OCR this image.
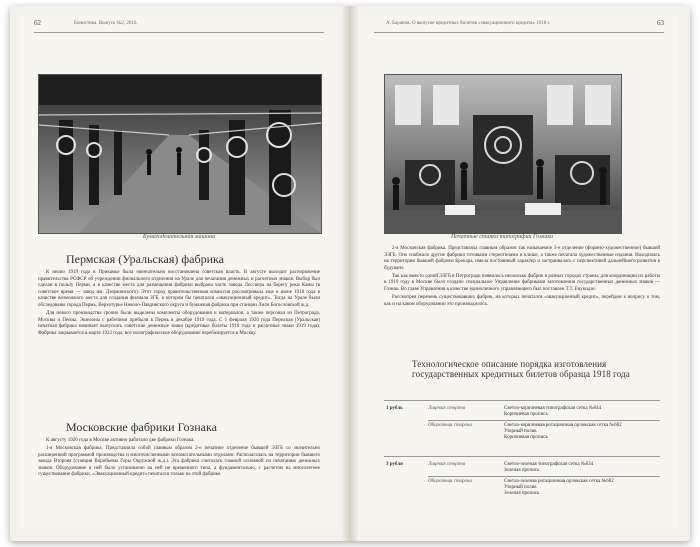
62	Бонистика. Выпуск №2, 2016.
Бумагоделательная машина
Пермская (Уральская) фабрика

К июлю 1919 года в Прикамье была окончательно восстановлена советская власть. В августе выходит распоряжение правительства РСФСР об учреждении филиального отделения на Урале для печатания денежных и расчетных знаков. Выбор был сделан в пользу Перми, а в качестве места для размещения фабрики выбрана часть завода Лессиера на берегу реки Камы (в советское время — завод им. Дзержинского). Этот город правительственная комиссия рассматривала еще в июне 1918 года в качестве возможного места для создания филиала ЗГБ, в котором бы печатался «эвакуационный кредит». Тогда на Урале были обследованы города Пермь, Верхотурье Николо-Павдинского округа и бумажная фабрика при станции Лили Богословской ж.д.

Для нового производства срочно были выделены комплекты оборудования и материалов, а также персонал из Петрограда, Москвы и Пензы. Эшелоны с рабочими прибыли в Пермь в декабре 1919 года. С 1 февраля 1920 года Пермская (Уральская) печатная фабрика начинает выпускать советские денежные знаки (кредитные билеты 1918 года и расчетные знаки 1919 года). Фабрика закрывается в марте 1922 года, все полиграфическое оборудование перебазируется в Москву.

Московские фабрики Гознака

К августу 1920 года в Москве активно работало две фабрики Гознака.

1-я Московская фабрика. Представляла собой главным образом 2-е печатное отделение бывшей ЭЗГБ со значительно расширенной программой производства и многочисленными вспомогательными отделами. Располагалась на территории бывшего завода Второва (станция Воробьевы Горы Окружной ж.д.). Эта фабрика считалась главной основной по печатанию денежных знаков. Оборудование в ней было установлено на ней не временного типа, а фундаментально, с расчетом на многолетнее существование фабрики. «Эвакуационный кредит» печатался только на этой фабрике.

А. Баранов. О выпуске кредитных билетов «эвакуационного кредита» 1918 г.	63
Печатные станки типографии Гознака

2-я Московская фабрика. Представляла главным образом так называемое 3-е отделение (формно-художественное) бывшей ЭЗГБ. Оно снабжало другие фабрики готовыми стереотипами и клише, а также печатала художественные издания. Находилась на территории бывшей фабрики Брокара, имела постоянный характер и застраивалась с перспективой дальнейшего развития в будущем.

Так как вместо одной ЭЗГБ в Петрограде появилось несколько фабрик в разных городах страны, для координации их работы в 1919 году в Москве было создано специальное Управление фабриками заготовления государственных денежных знаков — Гознак. Во главе Управления в качестве единоличного управляющего был поставлен Т.Т. Енукидзе.

Рассмотрев перечень существовавших фабрик, на которых печатался «эвакуационный кредит», перейдем к вопросу о том, как и на каком оборудовании это производилось.

Технологическое описание порядка изготовления государственных кредитных билетов образца 1918 года
1 рубль	Лицевая сторона	Светло-коричневая типографская сетка №644
Коричневая пропись
Оборотная сторона	Светло-коричневая ротационная орловская сетка №682
Узорный полик
Коричневая пропись
3 рубля	Лицевая сторона	Светло-зеленая типографская сетка №634
Зеленая пропись
Оборотная сторона	Светло-зеленая ротационная орловская сетка №682
Узорный полик
Зеленая пропись
